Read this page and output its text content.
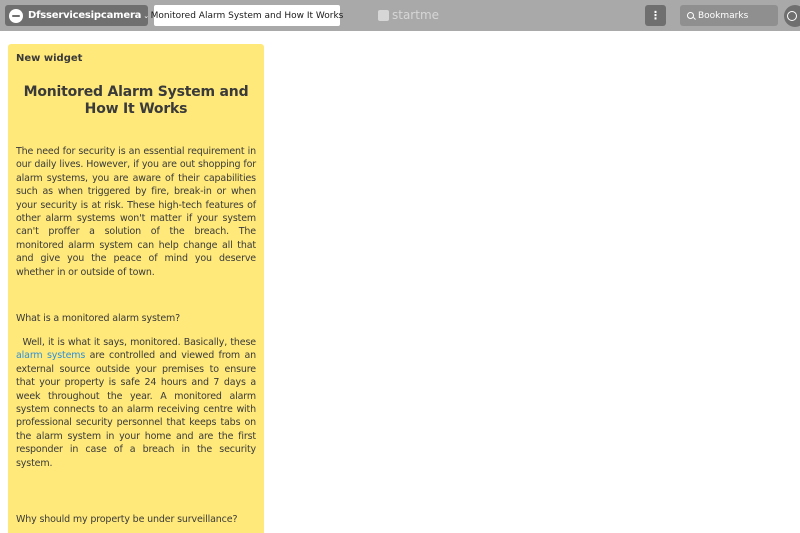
Dfsservicesipcamera ⌄ Monitored Alarm System and How It Works	startme	⋮	Bookmarks
New widget
Monitored Alarm System and How It Works

The need for security is an essential requirement in our daily lives. However, if you are out shopping for alarm systems, you are aware of their capabilities such as when triggered by fire, break-in or when your security is at risk. These high-tech features of other alarm systems won't matter if your system can't proffer a solution of the breach. The monitored alarm system can help change all that and give you the peace of mind you deserve whether in or outside of town.

What is a monitored alarm system?

Well, it is what it says, monitored. Basically, these alarm systems are controlled and viewed from an external source outside your premises to ensure that your property is safe 24 hours and 7 days a week throughout the year. A monitored alarm system connects to an alarm receiving centre with professional security personnel that keeps tabs on the alarm system in your home and are the first responder in case of a breach in the security system.

Why should my property be under surveillance?
